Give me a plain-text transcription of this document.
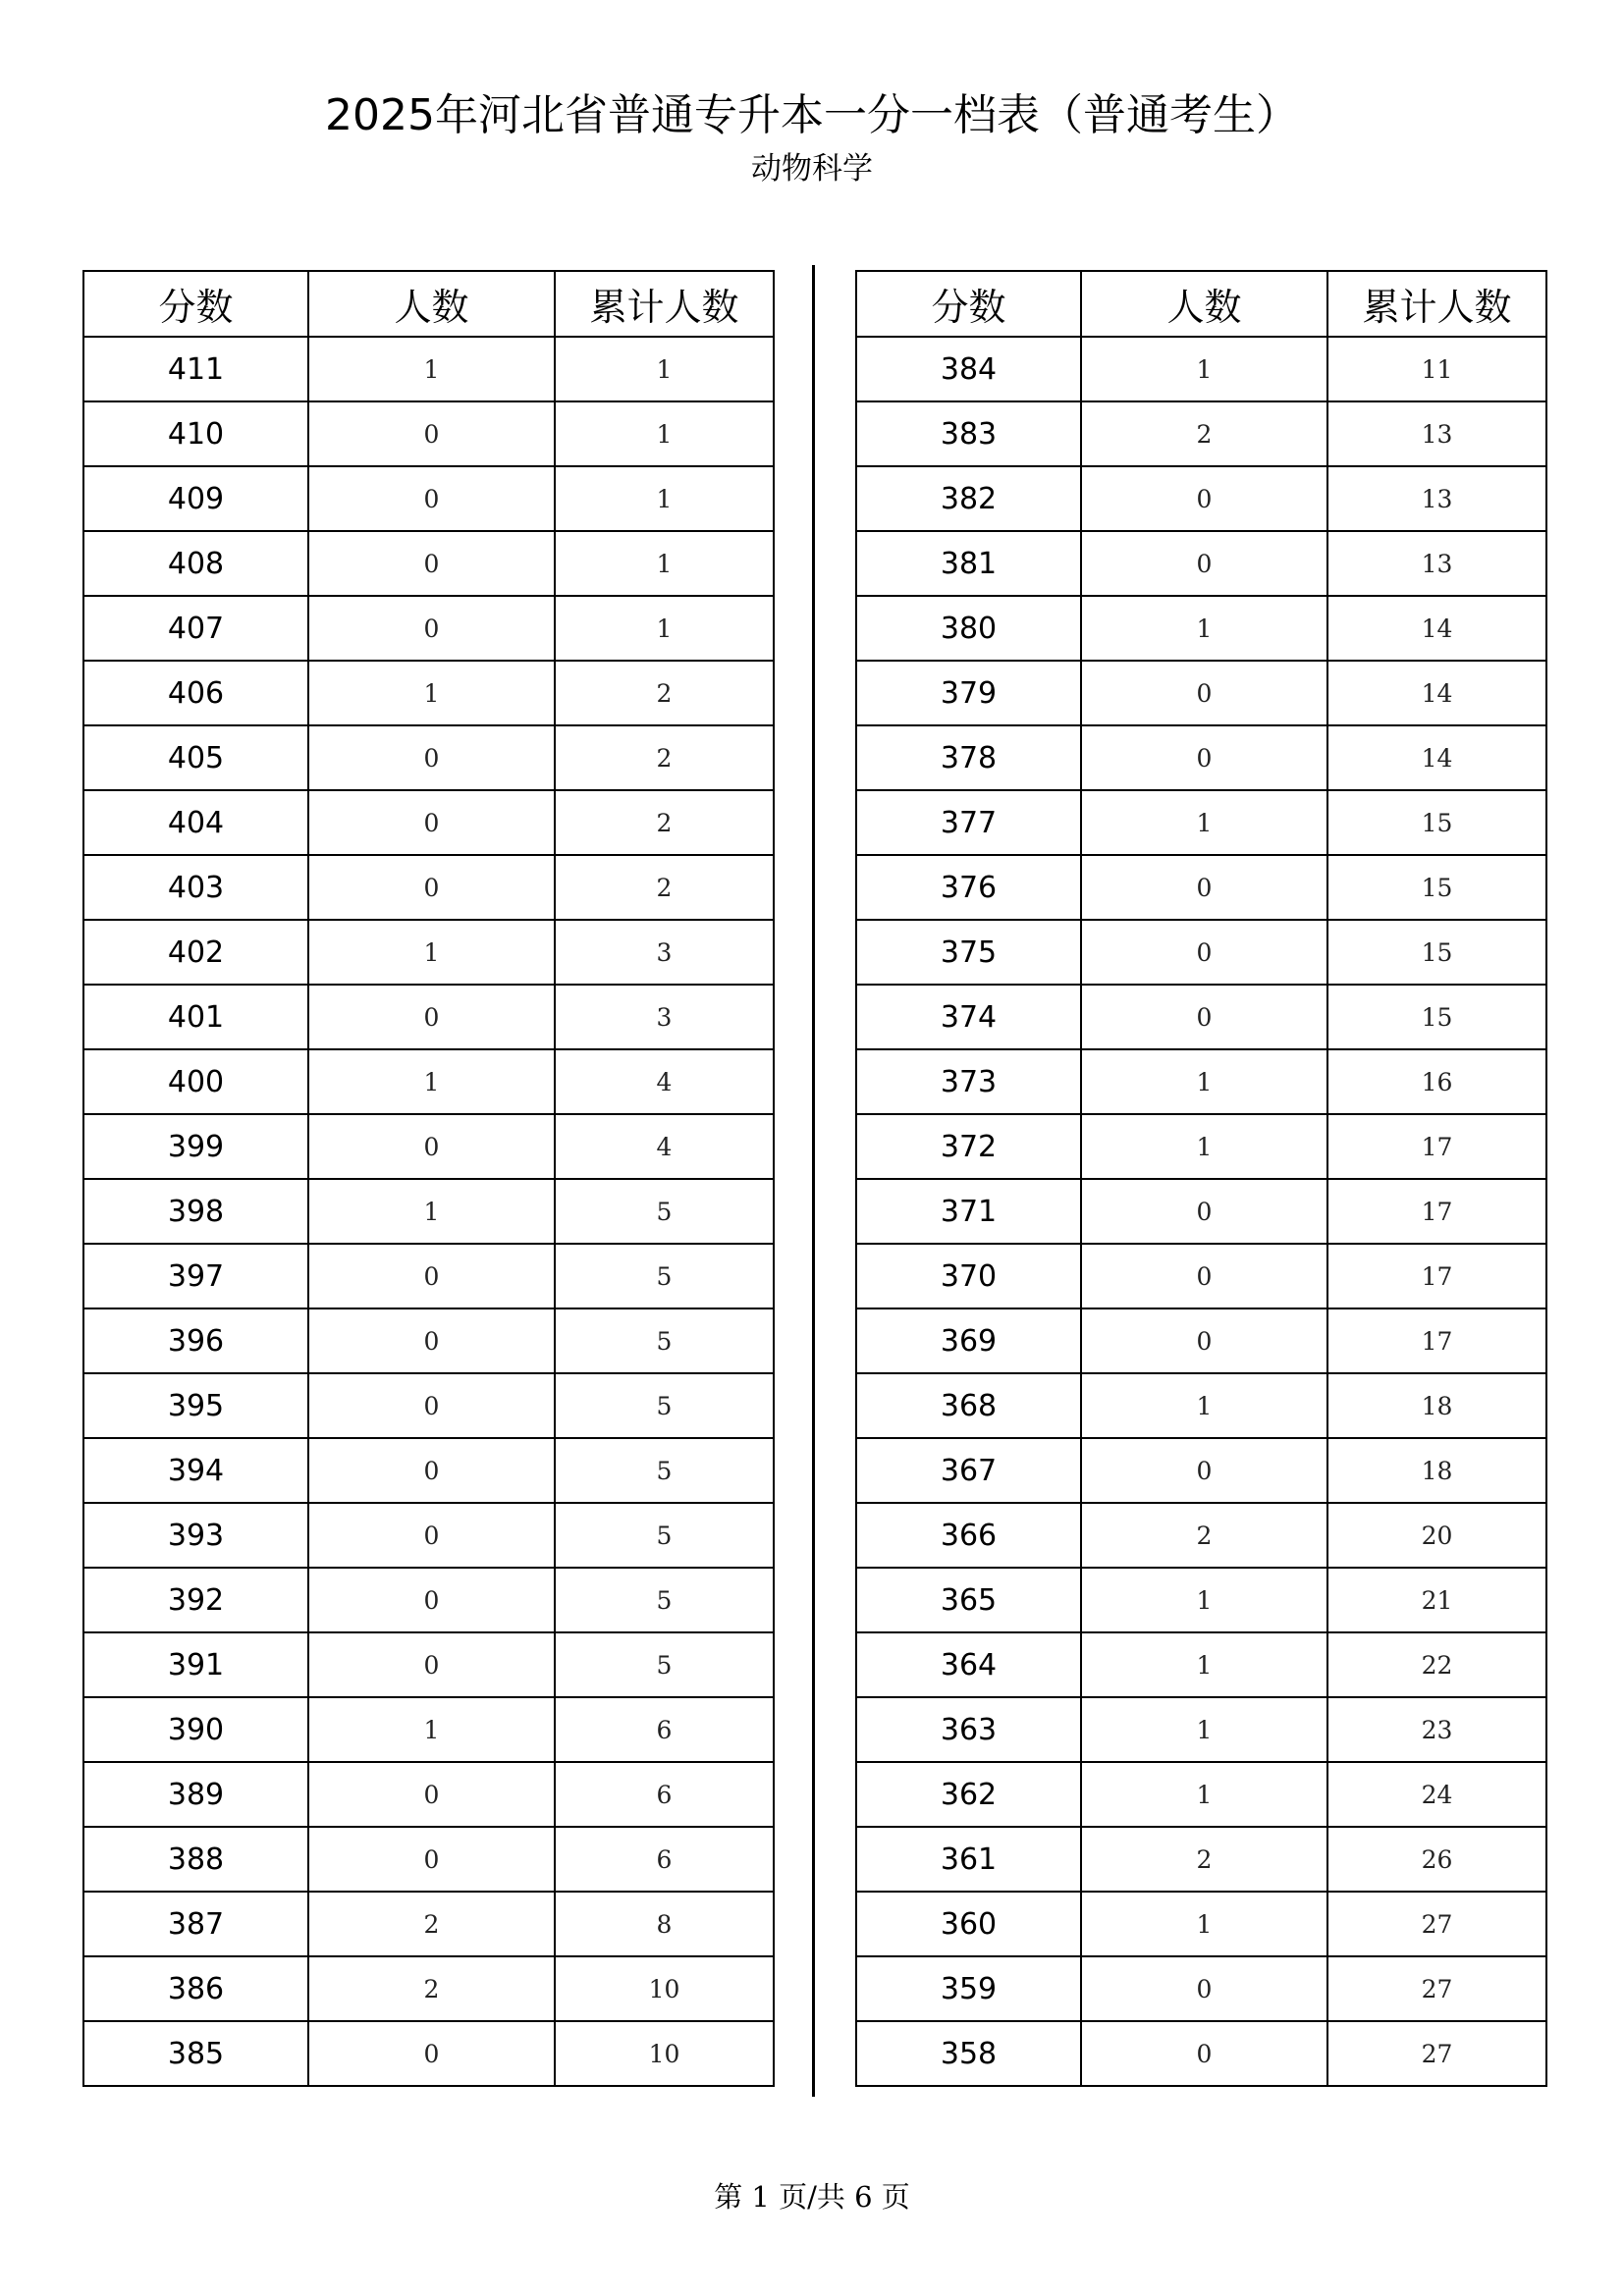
2025年河北省普通专升本一分一档表（普通考生）
动物科学
分数	人数	累计人数
411	1	1
410	0	1
409	0	1
408	0	1
407	0	1
406	1	2
405	0	2
404	0	2
403	0	2
402	1	3
401	0	3
400	1	4
399	0	4
398	1	5
397	0	5
396	0	5
395	0	5
394	0	5
393	0	5
392	0	5
391	0	5
390	1	6
389	0	6
388	0	6
387	2	8
386	2	10
385	0	10
分数	人数	累计人数
384	1	11
383	2	13
382	0	13
381	0	13
380	1	14
379	0	14
378	0	14
377	1	15
376	0	15
375	0	15
374	0	15
373	1	16
372	1	17
371	0	17
370	0	17
369	0	17
368	1	18
367	0	18
366	2	20
365	1	21
364	1	22
363	1	23
362	1	24
361	2	26
360	1	27
359	0	27
358	0	27
第 1 页/共 6 页
